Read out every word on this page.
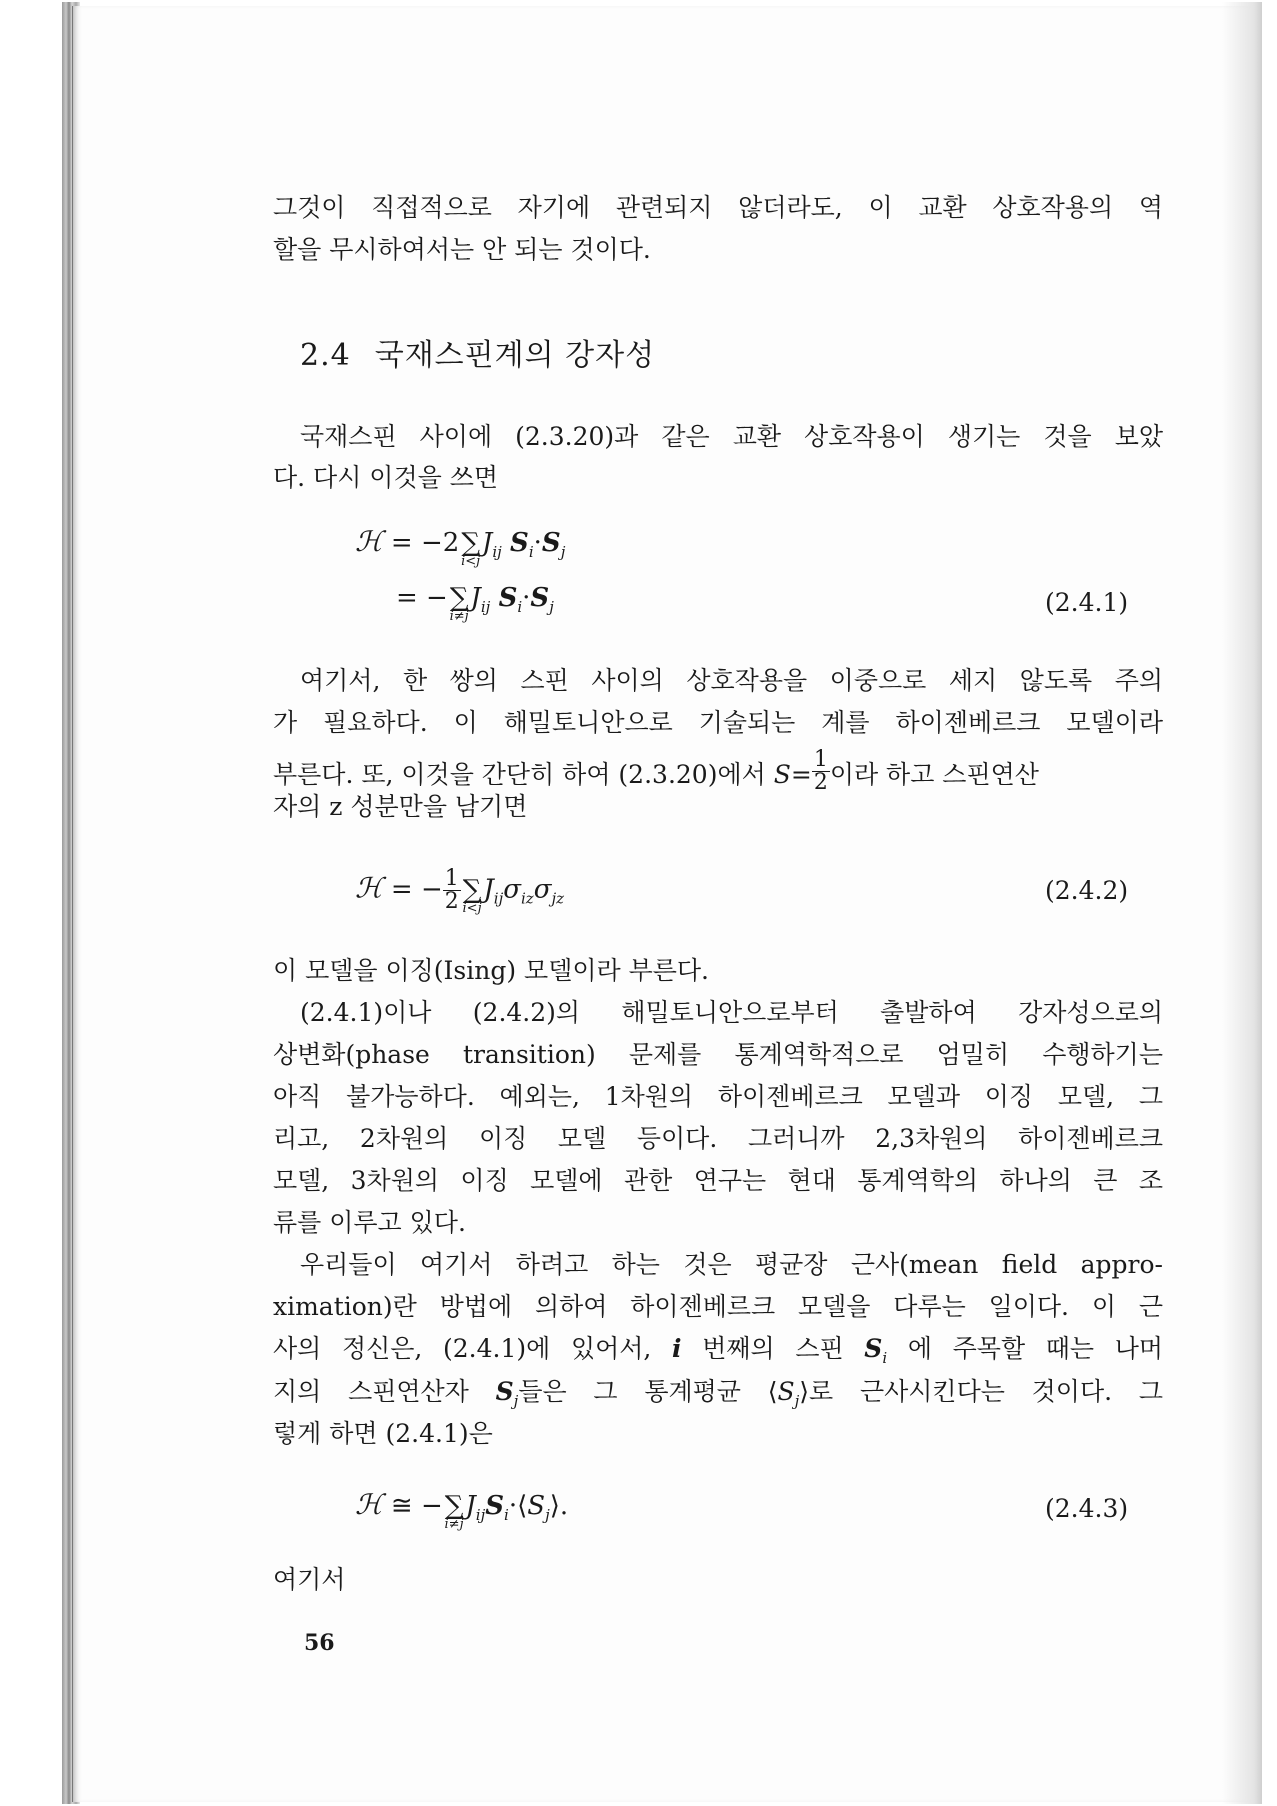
그것이 직접적으로 자기에 관련되지 않더라도, 이 교환 상호작용의 역
할을 무시하여서는 안 되는 것이다.
2.4 국재스핀계의 강자성
국재스핀 사이에 (2.3.20)과 같은 교환 상호작용이 생기는 것을 보았
다. 다시 이것을 쓰면
ℋ = −2∑
i<j
$J_{ij}$ $S_i\cdot S_j$
= −∑
i≠j
$J_{ij}$ $S_i\cdot S_j$	(2.4.1)
여기서, 한 쌍의 스핀 사이의 상호작용을 이중으로 세지 않도록 주의
가 필요하다. 이 해밀토니안으로 기술되는 계를 하이젠베르크 모델이라
부른다. 또, 이것을 간단히 하여 (2.3.20)에서 $S= \frac{1}{2}$ 이라 하고 스핀연산
자의 z 성분만을 남기면
ℋ = − $\frac{1}{2}$ ∑
i<j
$J_{ij}\sigma_{iz}\sigma_{jz}$	(2.4.2)
이 모델을 이징(Ising) 모델이라 부른다.
(2.4.1)이나 (2.4.2)의 해밀토니안으로부터 출발하여 강자성으로의
상변화(phase transition) 문제를 통계역학적으로 엄밀히 수행하기는
아직 불가능하다. 예외는, 1차원의 하이젠베르크 모델과 이징 모델, 그
리고, 2차원의 이징 모델 등이다. 그러니까 2,3차원의 하이젠베르크
모델, 3차원의 이징 모델에 관한 연구는 현대 통계역학의 하나의 큰 조
류를 이루고 있다.
우리들이 여기서 하려고 하는 것은 평균장 근사(mean field appro-
ximation)란 방법에 의하여 하이젠베르크 모델을 다루는 일이다. 이 근
사의 정신은, (2.4.1)에 있어서, i 번째의 스핀 $S_i$ 에 주목할 때는 나머
지의 스핀연산자 $S_j$들은 그 통계평균 $⟨S_j⟩$로 근사시킨다는 것이다. 그
렇게 하면 (2.4.1)은
ℋ ≅ −∑
i≠j
$J_{ij}S_i\cdot⟨S_j⟩$.	(2.4.3)
여기서
56
